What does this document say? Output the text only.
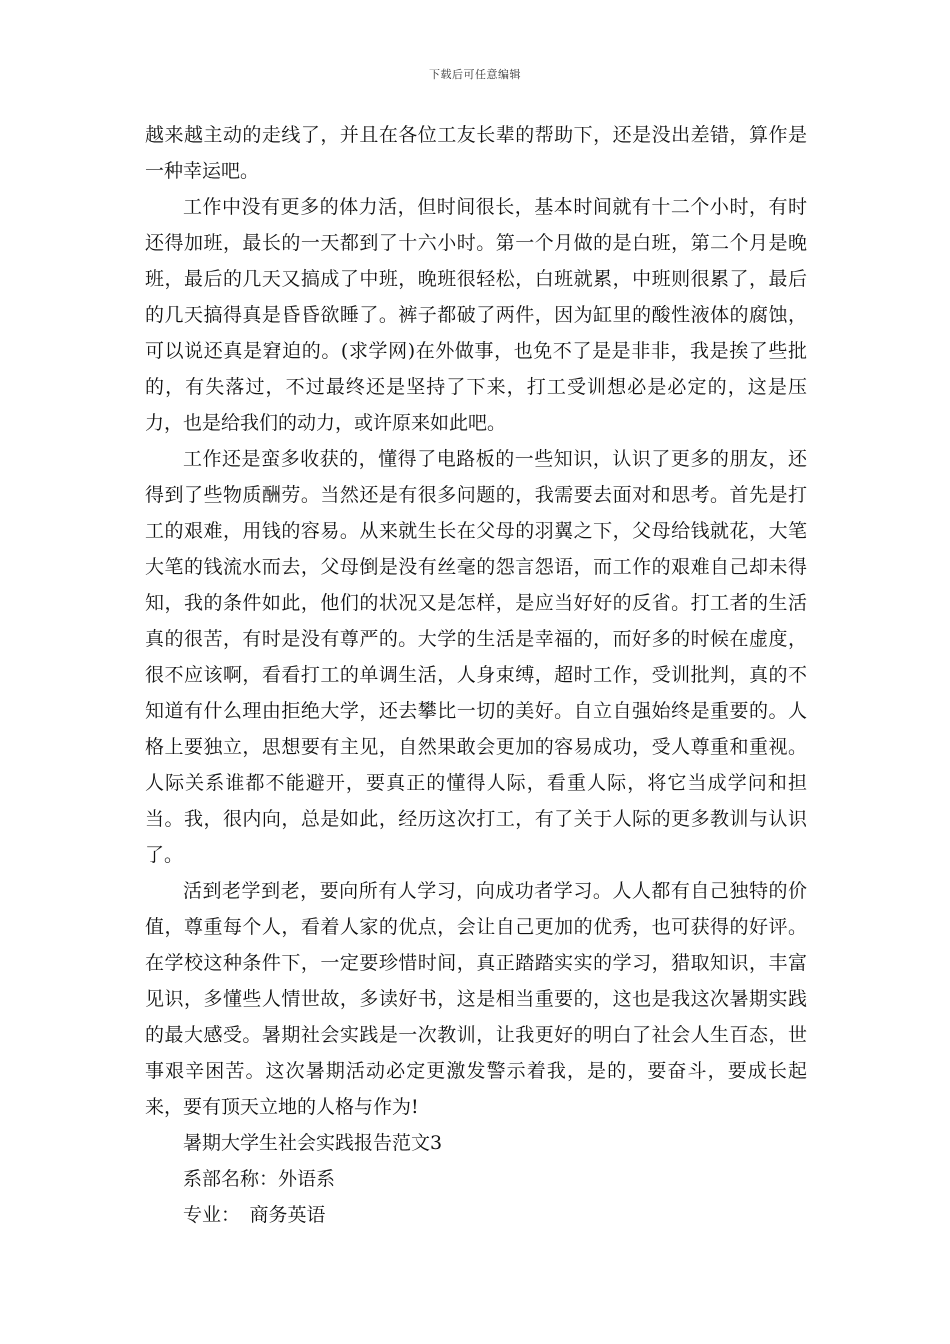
下载后可任意编辑

越来越主动的走线了，并且在各位工友长辈的帮助下，还是没出差错，算作是一种幸运吧。

工作中没有更多的体力活，但时间很长，基本时间就有十二个小时，有时还得加班，最长的一天都到了十六小时。第一个月做的是白班，第二个月是晚班，最后的几天又搞成了中班，晚班很轻松，白班就累，中班则很累了，最后的几天搞得真是昏昏欲睡了。裤子都破了两件，因为缸里的酸性液体的腐蚀，可以说还真是窘迫的。(求学网)在外做事，也免不了是是非非，我是挨了些批的，有失落过，不过最终还是坚持了下来，打工受训想必是必定的，这是压力，也是给我们的动力，或许原来如此吧。

工作还是蛮多收获的，懂得了电路板的一些知识，认识了更多的朋友，还得到了些物质酬劳。当然还是有很多问题的，我需要去面对和思考。首先是打工的艰难，用钱的容易。从来就生长在父母的羽翼之下，父母给钱就花，大笔大笔的钱流水而去，父母倒是没有丝毫的怨言怨语，而工作的艰难自己却未得知，我的条件如此，他们的状况又是怎样，是应当好好的反省。打工者的生活真的很苦，有时是没有尊严的。大学的生活是幸福的，而好多的时候在虚度，很不应该啊，看看打工的单调生活，人身束缚，超时工作，受训批判，真的不知道有什么理由拒绝大学，还去攀比一切的美好。自立自强始终是重要的。人格上要独立，思想要有主见，自然果敢会更加的容易成功，受人尊重和重视。人际关系谁都不能避开，要真正的懂得人际，看重人际，将它当成学问和担当。我，很内向，总是如此，经历这次打工，有了关于人际的更多教训与认识了。

活到老学到老，要向所有人学习，向成功者学习。人人都有自己独特的价值，尊重每个人，看着人家的优点，会让自己更加的优秀，也可获得的好评。在学校这种条件下，一定要珍惜时间，真正踏踏实实的学习，猎取知识，丰富见识，多懂些人情世故，多读好书，这是相当重要的，这也是我这次暑期实践的最大感受。暑期社会实践是一次教训，让我更好的明白了社会人生百态，世事艰辛困苦。这次暑期活动必定更激发警示着我，是的，要奋斗，要成长起来，要有顶天立地的人格与作为!

暑期大学生社会实践报告范文3

系部名称：外语系

专业：　商务英语
